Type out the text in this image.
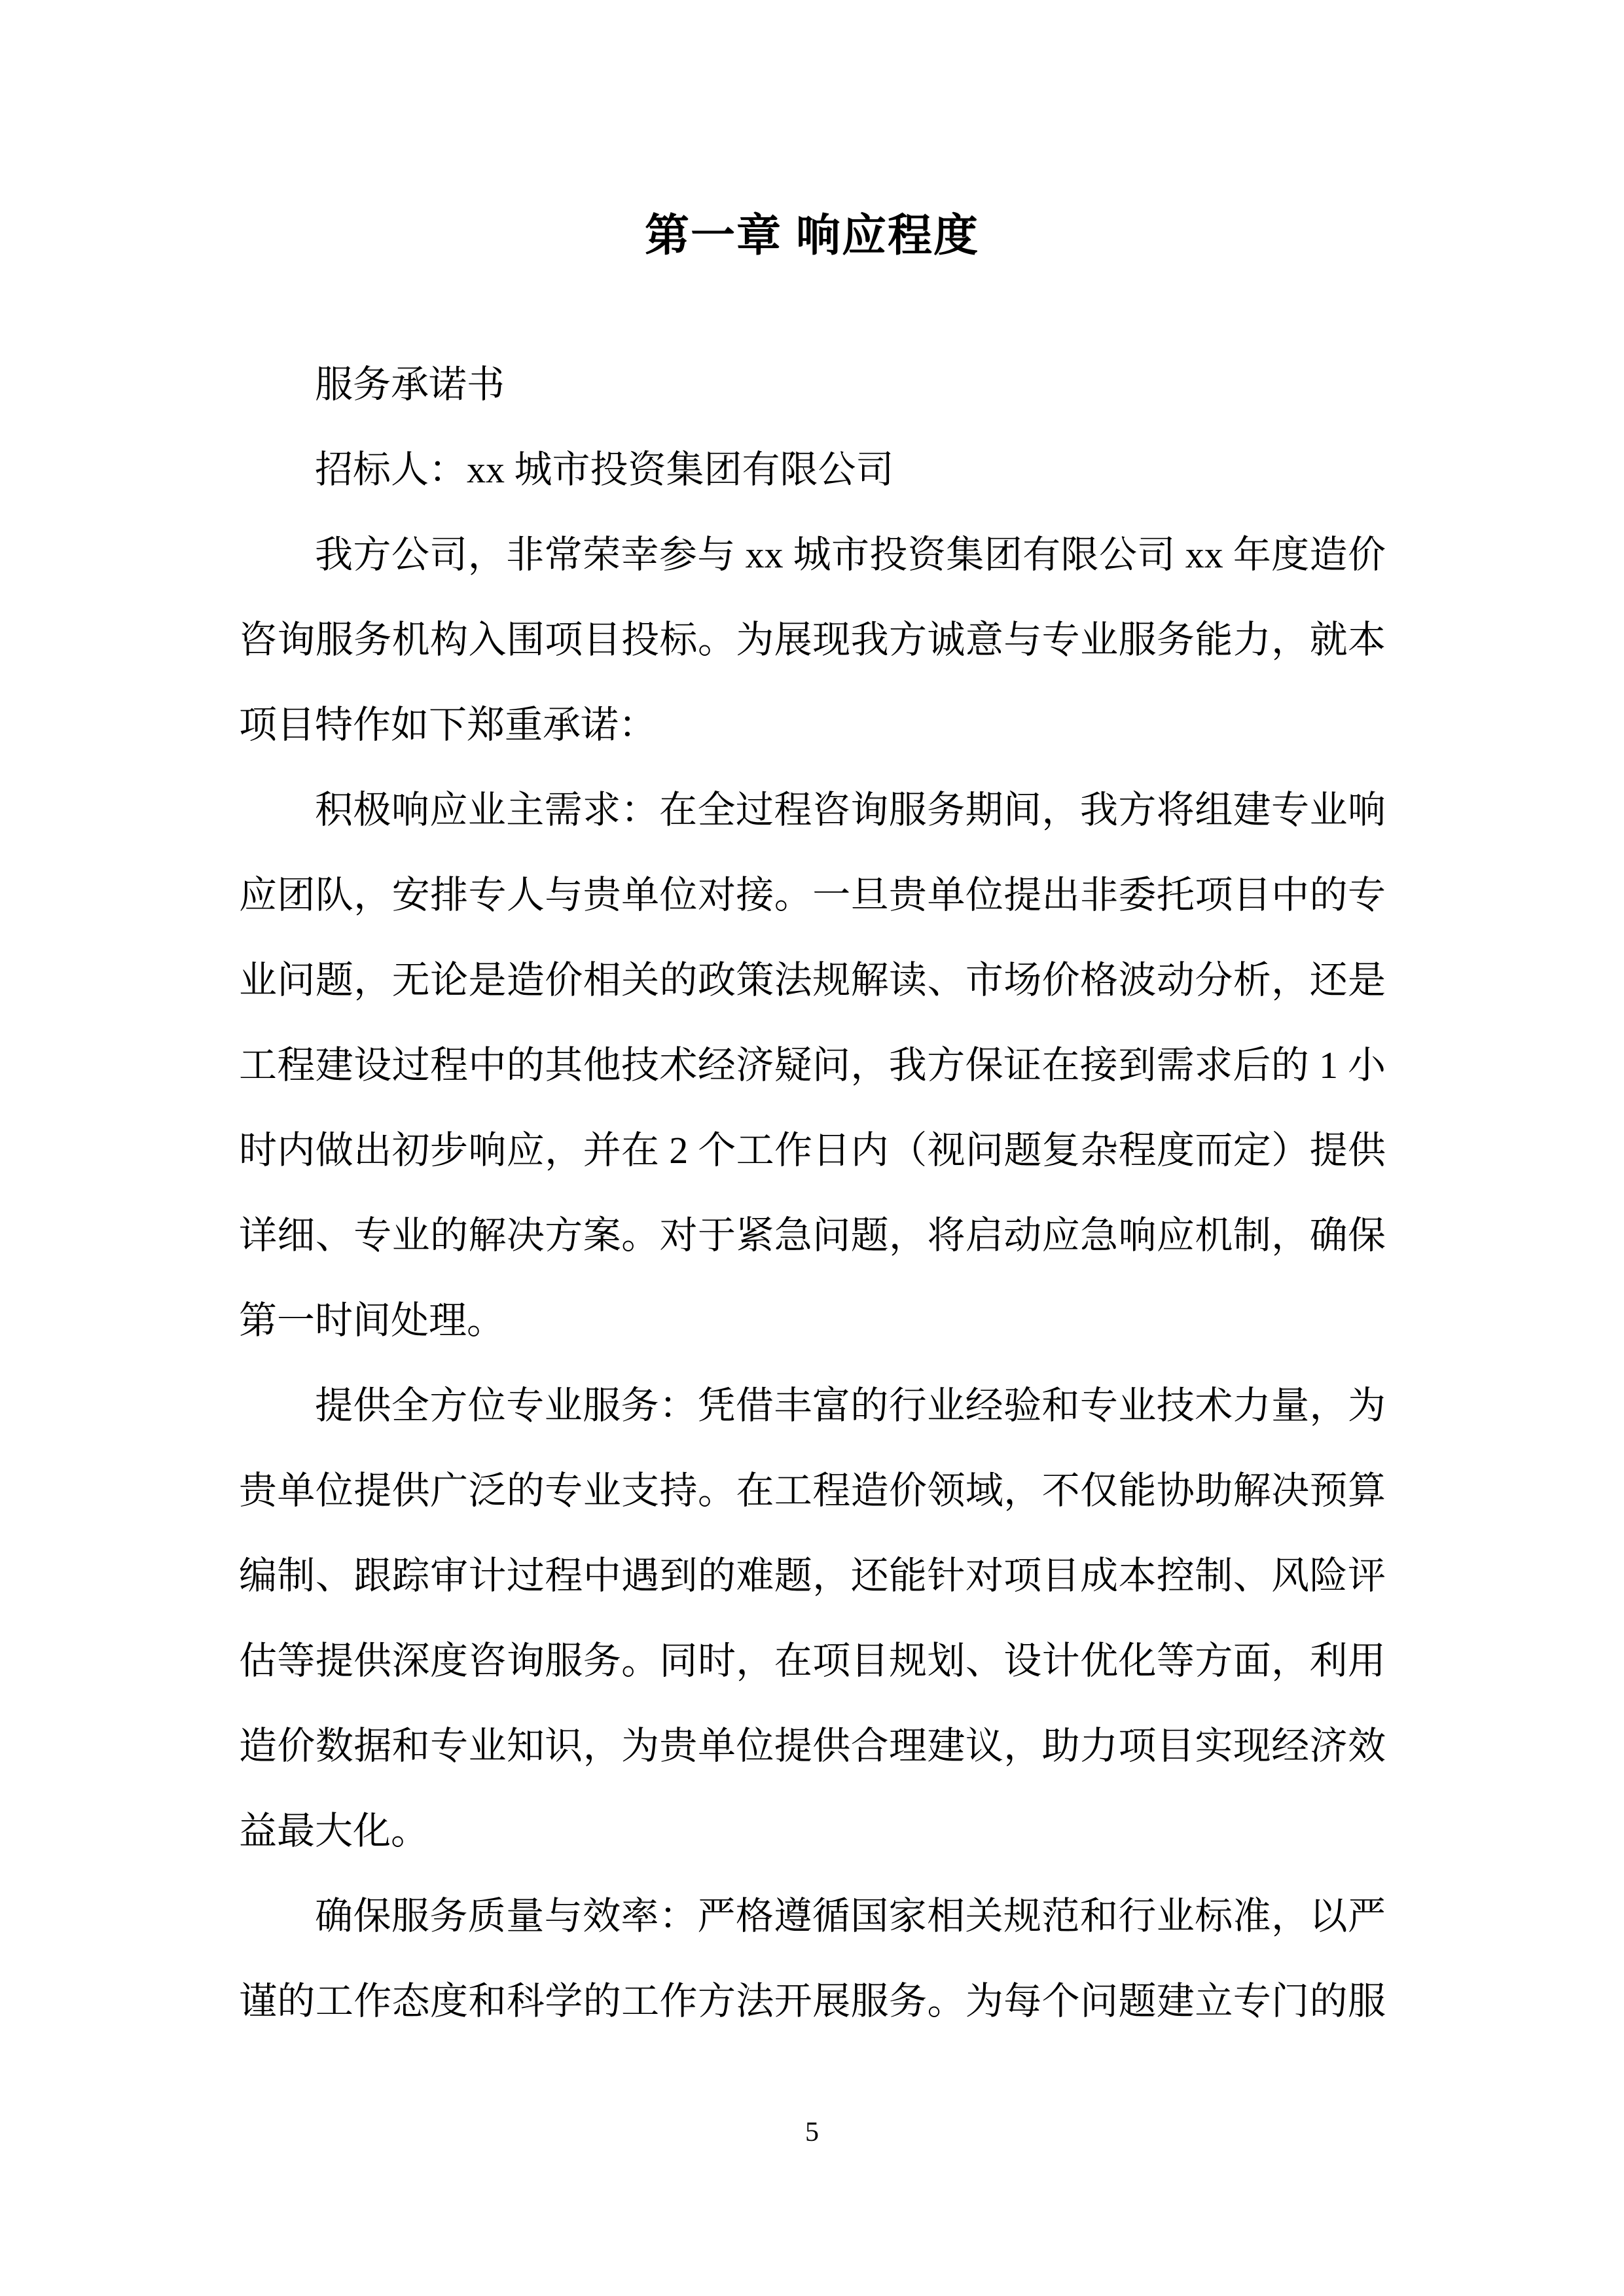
第一章 响应程度
服务承诺书
招标人：xx 城市投资集团有限公司
我方公司，非常荣幸参与 xx 城市投资集团有限公司 xx 年度造价
咨询服务机构入围项目投标。为展现我方诚意与专业服务能力，就本
项目特作如下郑重承诺：
积极响应业主需求：在全过程咨询服务期间，我方将组建专业响
应团队，安排专人与贵单位对接。一旦贵单位提出非委托项目中的专
业问题，无论是造价相关的政策法规解读、市场价格波动分析，还是
工程建设过程中的其他技术经济疑问，我方保证在接到需求后的 1 小
时内做出初步响应，并在 2 个工作日内（视问题复杂程度而定）提供
详细、专业的解决方案。对于紧急问题，将启动应急响应机制，确保
第一时间处理。
提供全方位专业服务：凭借丰富的行业经验和专业技术力量，为
贵单位提供广泛的专业支持。在工程造价领域，不仅能协助解决预算
编制、跟踪审计过程中遇到的难题，还能针对项目成本控制、风险评
估等提供深度咨询服务。同时，在项目规划、设计优化等方面，利用
造价数据和专业知识，为贵单位提供合理建议，助力项目实现经济效
益最大化。
确保服务质量与效率：严格遵循国家相关规范和行业标准，以严
谨的工作态度和科学的工作方法开展服务。为每个问题建立专门的服
5
